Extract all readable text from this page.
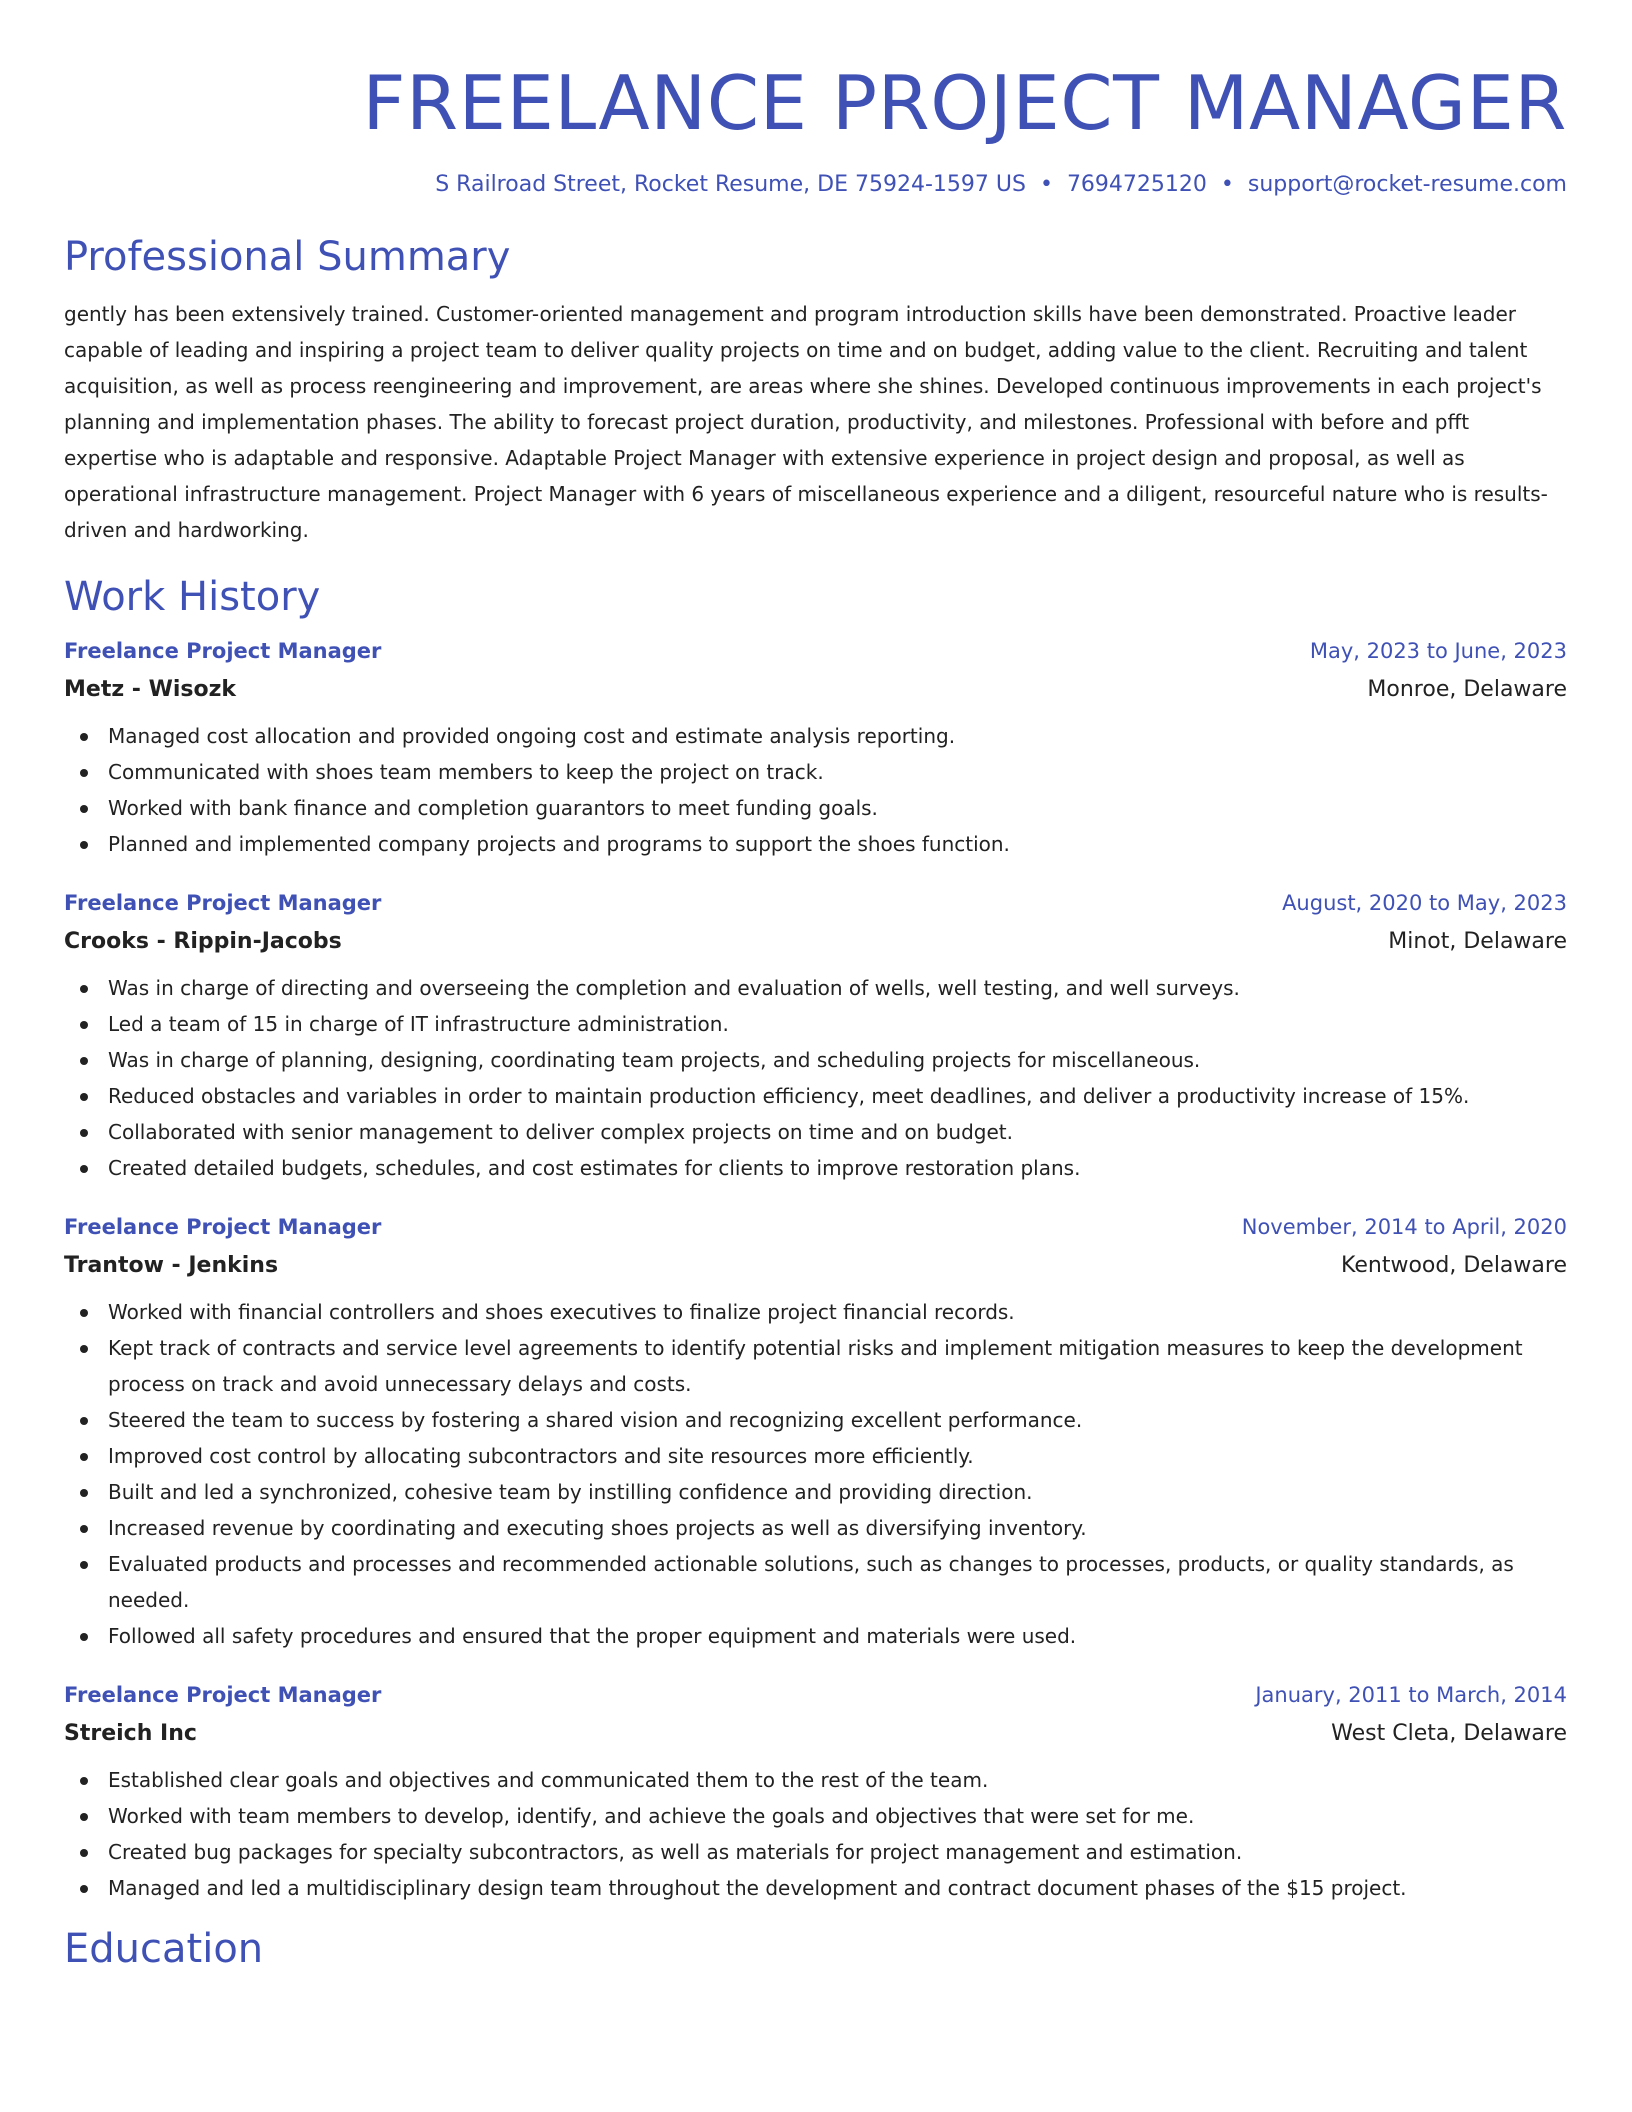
FREELANCE PROJECT MANAGER
S Railroad Street, Rocket Resume, DE 75924-1597 US • 7694725120 • support@rocket-resume.com
Professional Summary

gently has been extensively trained. Customer-oriented management and program introduction skills have been demonstrated. Proactive leader capable of leading and inspiring a project team to deliver quality projects on time and on budget, adding value to the client. Recruiting and talent acquisition, as well as process reengineering and improvement, are areas where she shines. Developed continuous improvements in each project's planning and implementation phases. The ability to forecast project duration, productivity, and milestones. Professional with before and pfft expertise who is adaptable and responsive. Adaptable Project Manager with extensive experience in project design and proposal, as well as operational infrastructure management. Project Manager with 6 years of miscellaneous experience and a diligent, resourceful nature who is results-driven and hardworking.

Work History
Freelance Project Manager	May, 2023 to June, 2023
Metz - Wisozk	Monroe, Delaware
Managed cost allocation and provided ongoing cost and estimate analysis reporting.
Communicated with shoes team members to keep the project on track.
Worked with bank finance and completion guarantors to meet funding goals.
Planned and implemented company projects and programs to support the shoes function.
Freelance Project Manager	August, 2020 to May, 2023
Crooks - Rippin-Jacobs	Minot, Delaware
Was in charge of directing and overseeing the completion and evaluation of wells, well testing, and well surveys.
Led a team of 15 in charge of IT infrastructure administration.
Was in charge of planning, designing, coordinating team projects, and scheduling projects for miscellaneous.
Reduced obstacles and variables in order to maintain production efficiency, meet deadlines, and deliver a productivity increase of 15%.
Collaborated with senior management to deliver complex projects on time and on budget.
Created detailed budgets, schedules, and cost estimates for clients to improve restoration plans.
Freelance Project Manager	November, 2014 to April, 2020
Trantow - Jenkins	Kentwood, Delaware
Worked with financial controllers and shoes executives to finalize project financial records.
Kept track of contracts and service level agreements to identify potential risks and implement mitigation measures to keep the development process on track and avoid unnecessary delays and costs.
Steered the team to success by fostering a shared vision and recognizing excellent performance.
Improved cost control by allocating subcontractors and site resources more efficiently.
Built and led a synchronized, cohesive team by instilling confidence and providing direction.
Increased revenue by coordinating and executing shoes projects as well as diversifying inventory.
Evaluated products and processes and recommended actionable solutions, such as changes to processes, products, or quality standards, as needed.
Followed all safety procedures and ensured that the proper equipment and materials were used.
Freelance Project Manager	January, 2011 to March, 2014
Streich Inc	West Cleta, Delaware
Established clear goals and objectives and communicated them to the rest of the team.
Worked with team members to develop, identify, and achieve the goals and objectives that were set for me.
Created bug packages for specialty subcontractors, as well as materials for project management and estimation.
Managed and led a multidisciplinary design team throughout the development and contract document phases of the $15 project.
Education
